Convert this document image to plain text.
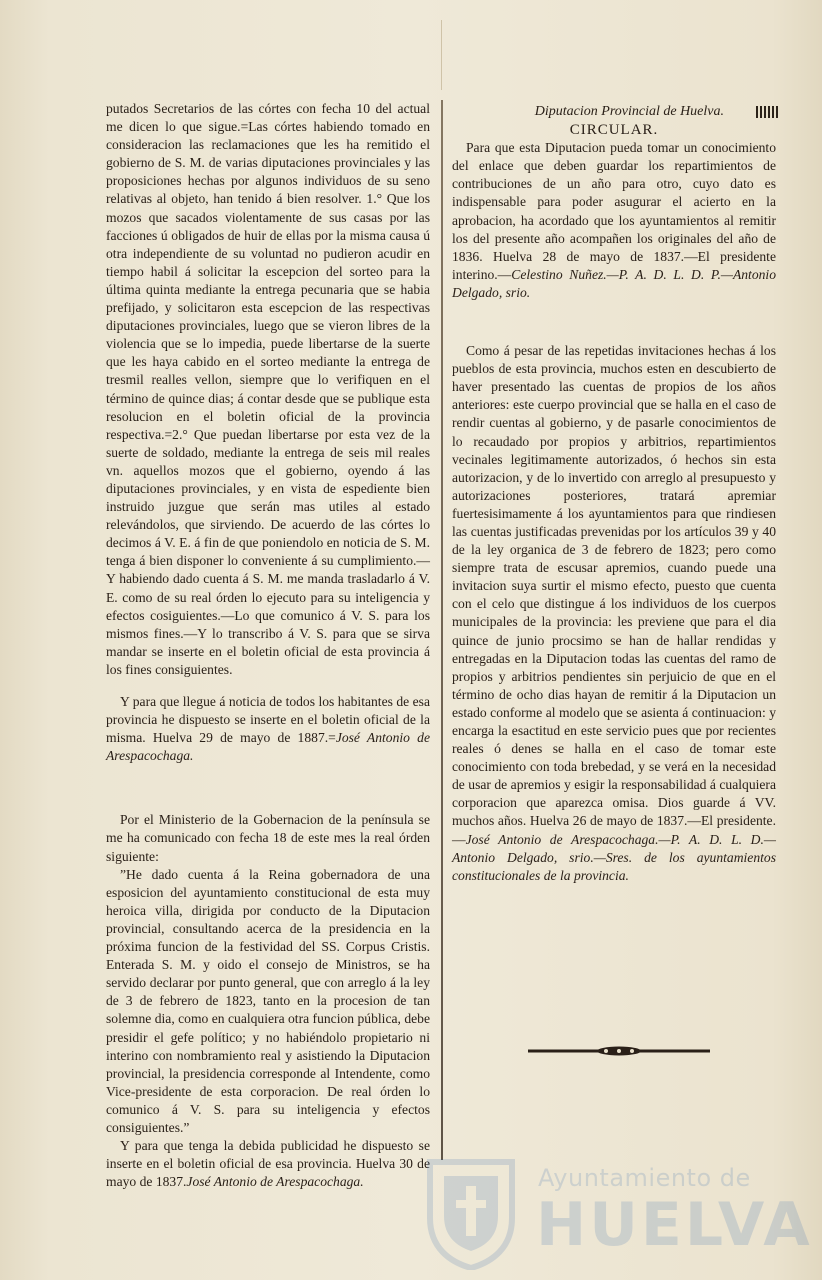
putados Secretarios de las córtes con fecha 10 del actual me dicen lo que sigue.=Las córtes habiendo tomado en consideracion las reclamaciones que les ha remitido el gobierno de S. M. de varias diputaciones provinciales y las proposiciones hechas por algunos individuos de su seno relativas al objeto, han tenido á bien resolver. 1.° Que los mozos que sacados violentamente de sus casas por las facciones ú obligados de huir de ellas por la misma causa ú otra independiente de su voluntad no pudieron acudir en tiempo habil á solicitar la escepcion del sorteo para la última quinta mediante la entrega pecunaria que se habia prefijado, y solicitaron esta escepcion de las respectivas diputaciones provinciales, luego que se vieron libres de la violencia que se lo impedia, puede libertarse de la suerte que les haya cabido en el sorteo mediante la entrega de tresmil realles vellon, siempre que lo verifiquen en el término de quince dias; á contar desde que se publique esta resolucion en el boletin oficial de la provincia respectiva.=2.° Que puedan libertarse por esta vez de la suerte de soldado, mediante la entrega de seis mil reales vn. aquellos mozos que el gobierno, oyendo á las diputaciones provinciales, y en vista de espediente bien instruido juzgue que serán mas utiles al estado relevándolos, que sirviendo. De acuerdo de las córtes lo decimos á V. E. á fin de que poniendolo en noticia de S. M. tenga á bien disponer lo conveniente á su cumplimiento.—Y habiendo dado cuenta á S. M. me manda trasladarlo á V. E. como de su real órden lo ejecuto para su inteligencia y efectos cosiguientes.—Lo que comunico á V. S. para los mismos fines.—Y lo transcribo á V. S. para que se sirva mandar se inserte en el boletin oficial de esta provincia á los fines consiguientes.

Y para que llegue á noticia de todos los habitantes de esa provincia he dispuesto se inserte en el boletin oficial de la misma. Huelva 29 de mayo de 1887.=José Antonio de Arespacochaga.

Por el Ministerio de la Gobernacion de la península se me ha comunicado con fecha 18 de este mes la real órden siguiente:

”He dado cuenta á la Reina gobernadora de una esposicion del ayuntamiento constitucional de esta muy heroica villa, dirigida por conducto de la Diputacion provincial, consultando acerca de la presidencia en la próxima funcion de la festividad del SS. Corpus Cristis. Enterada S. M. y oido el consejo de Ministros, se ha servido declarar por punto general, que con arreglo á la ley de 3 de febrero de 1823, tanto en la procesion de tan solemne dia, como en cualquiera otra funcion pública, debe presidir el gefe político; y no habiéndolo propietario ni interino con nombramiento real y asistiendo la Diputacion provincial, la presidencia corresponde al Intendente, como Vice-presidente de esta corporacion. De real órden lo comunico á V. S. para su inteligencia y efectos consiguientes.”

Y para que tenga la debida publicidad he dispuesto se inserte en el boletin oficial de esa provincia. Huelva 30 de mayo de 1837.José Antonio de Arespacochaga.

Diputacion Provincial de Huelva.

CIRCULAR.

Para que esta Diputacion pueda tomar un conocimiento del enlace que deben guardar los repartimientos de contribuciones de un año para otro, cuyo dato es indispensable para poder asugurar el acierto en la aprobacion, ha acordado que los ayuntamientos al remitir los del presente año acompañen los originales del año de 1836. Huelva 28 de mayo de 1837.—El presidente interino.—Celestino Nuñez.—P. A. D. L. D. P.—Antonio Delgado, srio.

Como á pesar de las repetidas invitaciones hechas á los pueblos de esta provincia, muchos esten en descubierto de haver presentado las cuentas de propios de los años anteriores: este cuerpo provincial que se halla en el caso de rendir cuentas al gobierno, y de pasarle conocimientos de lo recaudado por propios y arbitrios, repartimientos vecinales legitimamente autorizados, ó hechos sin esta autorizacion, y de lo invertido con arreglo al presupuesto y autorizaciones posteriores, tratará apremiar fuertesisimamente á los ayuntamientos para que rindiesen las cuentas justificadas prevenidas por los artículos 39 y 40 de la ley organica de 3 de febrero de 1823; pero como siempre trata de escusar apremios, cuando puede una invitacion suya surtir el mismo efecto, puesto que cuenta con el celo que distingue á los individuos de los cuerpos municipales de la provincia: les previene que para el dia quince de junio procsimo se han de hallar rendidas y entregadas en la Diputacion todas las cuentas del ramo de propios y arbitrios pendientes sin perjuicio de que en el término de ocho dias hayan de remitir á la Diputacion un estado conforme al modelo que se asienta á continuacion: y encarga la esactitud en este servicio pues que por recientes reales ó denes se halla en el caso de tomar este conocimiento con toda brebedad, y se verá en la necesidad de usar de apremios y esigir la responsabilidad á cualquiera corporacion que aparezca omisa. Dios guarde á VV. muchos años. Huelva 26 de mayo de 1837.—El presidente.—José Antonio de Arespacochaga.—P. A. D. L. D.—Antonio Delgado, srio.—Sres. de los ayuntamientos constitucionales de la provincia.

Ayuntamiento de
HUELVA
